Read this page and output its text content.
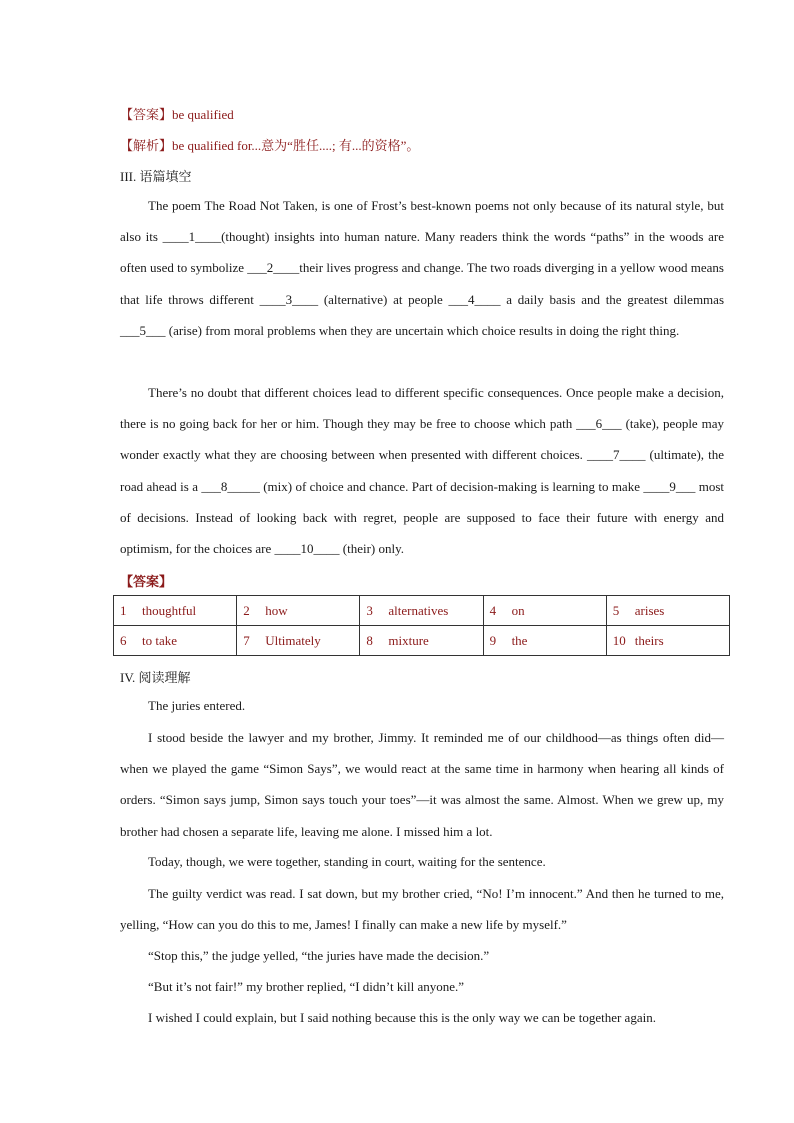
【答案】be qualified
【解析】be qualified for...意为“胜任....; 有...的资格”。
III. 语篇填空
The poem The Road Not Taken, is one of Frost’s best-known poems not only because of its natural style, but also its ____1____(thought) insights into human nature. Many readers think the words “paths” in the woods are often used to symbolize ___2____their lives progress and change. The two roads diverging in a yellow wood means that life throws different ____3____ (alternative) at people ___4____ a daily basis and the greatest dilemmas ___5___ (arise) from moral problems when they are uncertain which choice results in doing the right thing.
There’s no doubt that different choices lead to different specific consequences. Once people make a decision, there is no going back for her or him. Though they may be free to choose which path ___6___ (take), people may wonder exactly what they are choosing between when presented with different choices. ____7____ (ultimate), the road ahead is a ___8_____ (mix) of choice and chance. Part of decision-making is learning to make ____9___ most of decisions. Instead of looking back with regret, people are supposed to face their future with energy and optimism, for the choices are ____10____ (their) only.
【答案】
1 thoughtful	2 how	3 alternatives	4 on	5 arises
6 to take	7 Ultimately	8 mixture	9 the	10 theirs
IV. 阅读理解
The juries entered.
I stood beside the lawyer and my brother, Jimmy. It reminded me of our childhood—as things often did—when we played the game “Simon Says”, we would react at the same time in harmony when hearing all kinds of orders. “Simon says jump, Simon says touch your toes”—it was almost the same. Almost. When we grew up, my brother had chosen a separate life, leaving me alone. I missed him a lot.
Today, though, we were together, standing in court, waiting for the sentence.
The guilty verdict was read. I sat down, but my brother cried, “No! I’m innocent.” And then he turned to me, yelling, “How can you do this to me, James! I finally can make a new life by myself.”
“Stop this,” the judge yelled, “the juries have made the decision.”
“But it’s not fair!” my brother replied, “I didn’t kill anyone.”
I wished I could explain, but I said nothing because this is the only way we can be together again.
